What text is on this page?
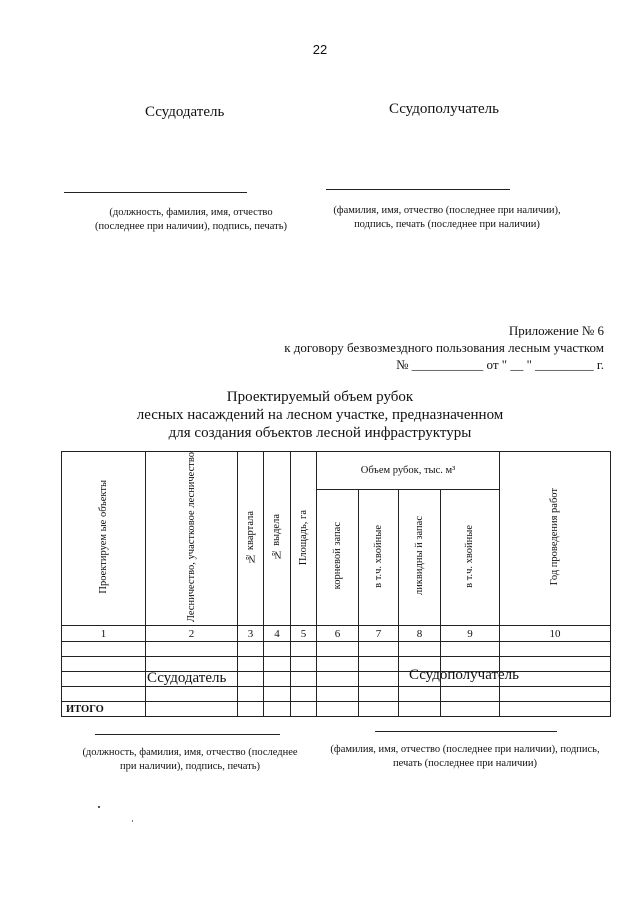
22
Ссудодатель	Ссудополучатель
(должность, фамилия, имя, отчество
(последнее при наличии), подпись, печать)
(фамилия, имя, отчество (последнее при наличии),
подпись, печать (последнее при наличии)
Приложение № 6
к договору безвозмездного пользования лесным участком
№ ___________ от " __ " _________ г.
Проектируемый объем рубок
лесных насаждений на лесном участке, предназначенном
для создания объектов лесной инфраструктуры
Проектируем ые объекты	Лесничество, участковое лесничество	№ квартала	№ выдела	Площадь, га	Объем рубок, тыс. м³				Год проведения работ
					корневой запас	в т.ч. хвойные	ликвидны й запас	в т.ч. хвойные	
1	2	3	4	5	6	7	8	9	10

ИТОГО									
Ссудодатель	Ссудополучатель
(должность, фамилия, имя, отчество (последнее
при наличии), подпись, печать)
(фамилия, имя, отчество (последнее при наличии), подпись,
печать (последнее при наличии)
